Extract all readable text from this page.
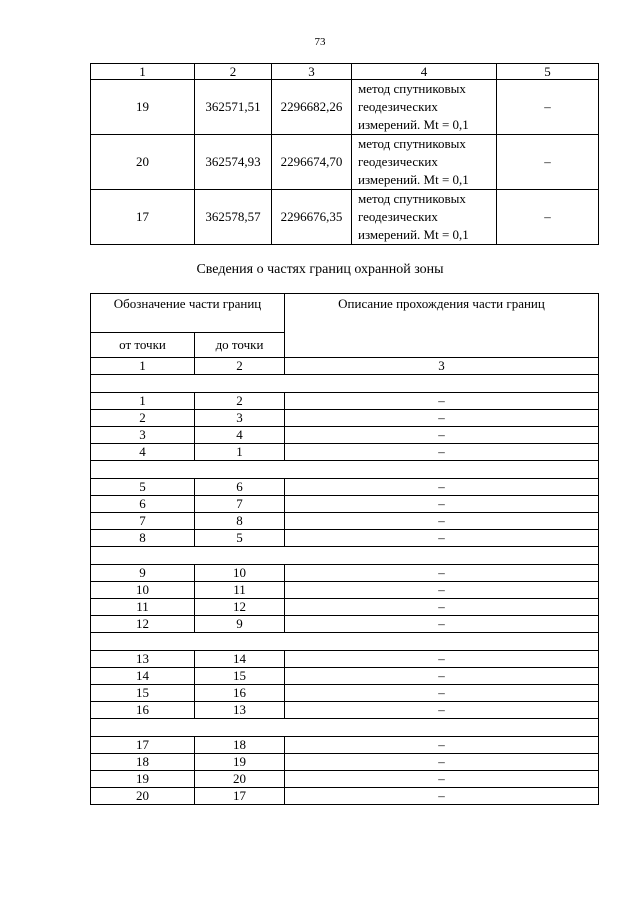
73
1	2	3	4	5
19	362571,51	2296682,26	метод спутниковых
геодезических
измерений. Mt = 0,1	–
20	362574,93	2296674,70	метод спутниковых
геодезических
измерений. Mt = 0,1	–
17	362578,57	2296676,35	метод спутниковых
геодезических
измерений. Mt = 0,1	–
Сведения о частях границ охранной зоны
Обозначение части границ		Описание прохождения части границ
от точки	до точки	
1	2	3

1	2	–
2	3	–
3	4	–
4	1	–

5	6	–
6	7	–
7	8	–
8	5	–

9	10	–
10	11	–
11	12	–
12	9	–

13	14	–
14	15	–
15	16	–
16	13	–

17	18	–
18	19	–
19	20	–
20	17	–
